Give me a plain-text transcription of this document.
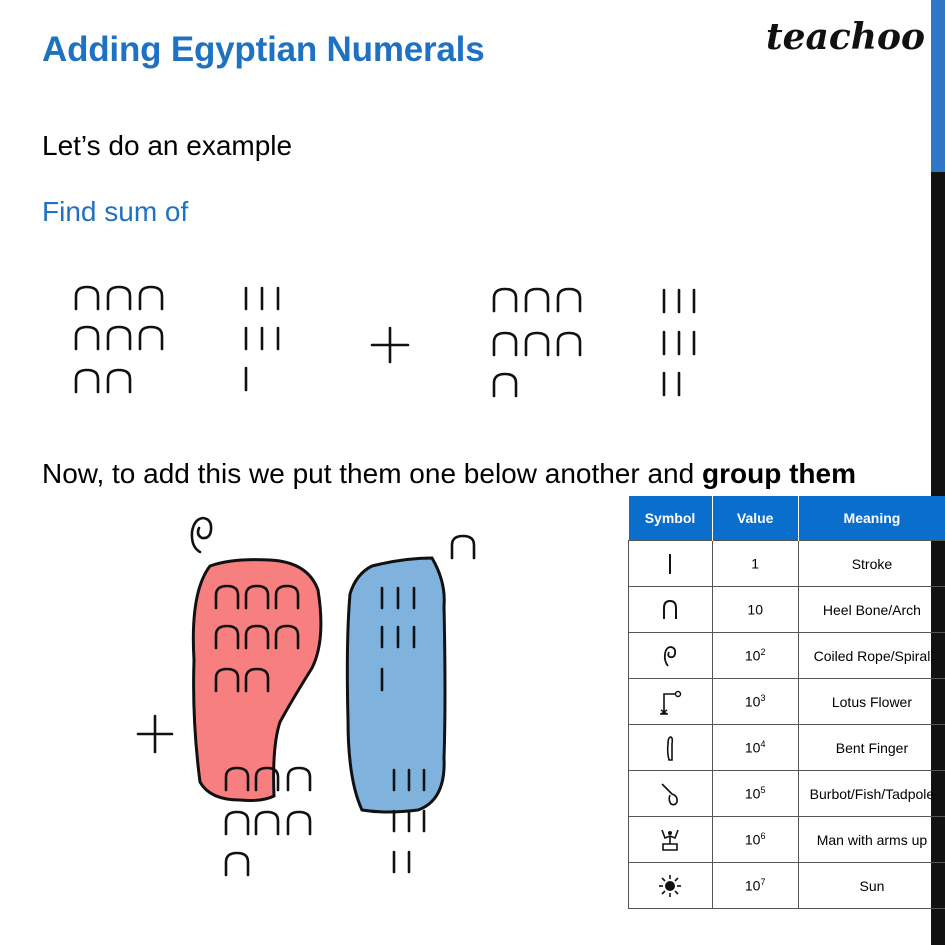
Adding Egyptian Numerals	teachoo
Let’s do an example
Find sum of
Now, to add this we put them one below another and group them
Symbol	Value	Meaning

	1	Stroke

	10	Heel Bone/Arch

	$10^2$	Coiled Rope/Spiral

	$10^3$	Lotus Flower

	$10^4$	Bent Finger

	$10^5$	Burbot/Fish/Tadpole

	$10^6$	Man with arms up

	$10^7$	Sun
